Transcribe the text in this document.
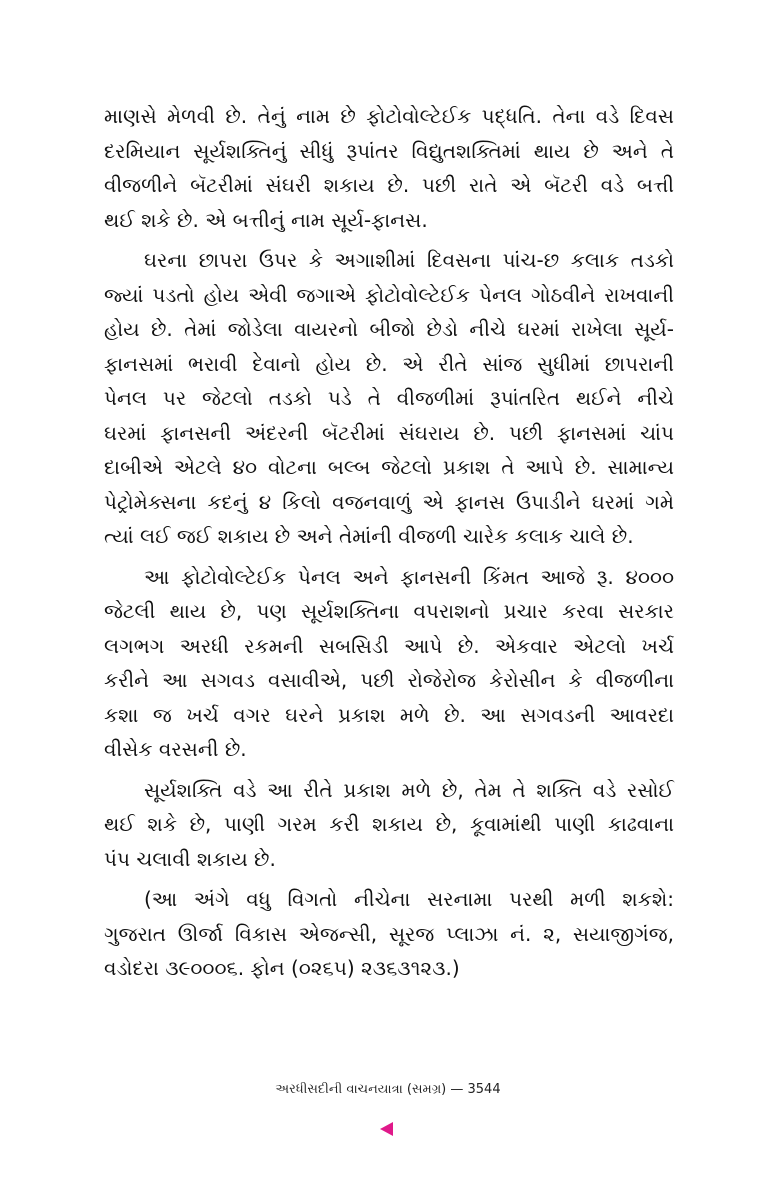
માણસે મેળવી છે. તેનું નામ છે ફોટોવોલ્ટેઈક પદ્ધતિ. તેના વડે દિવસ
દરમિયાન સૂર્યશક્તિનું સીધું રૂપાંતર વિદ્યુતશક્તિમાં થાય છે અને તે
વીજળીને બૅટરીમાં સંઘરી શકાય છે. પછી રાતે એ બૅટરી વડે બત્તી
થઈ શકે છે. એ બત્તીનું નામ સૂર્ય-ફાનસ.
ઘરના છાપરા ઉપર કે અગાશીમાં દિવસના પાંચ-છ કલાક તડકો
જ્યાં પડતો હોય એવી જગાએ ફોટોવોલ્ટેઈક પેનલ ગોઠવીને રાખવાની
હોય છે. તેમાં જોડેલા વાયરનો બીજો છેડો નીચે ઘરમાં રાખેલા સૂર્ય-
ફાનસમાં ભરાવી દેવાનો હોય છે. એ રીતે સાંજ સુધીમાં છાપરાની
પેનલ પર જેટલો તડકો પડે તે વીજળીમાં રૂપાંતરિત થઈને નીચે
ઘરમાં ફાનસની અંદરની બૅટરીમાં સંઘરાય છે. પછી ફાનસમાં ચાંપ
દાબીએ એટલે ૪૦ વોટના બલ્બ જેટલો પ્રકાશ તે આપે છે. સામાન્ય
પેટ્રોમેક્સના કદનું ૪ કિલો વજનવાળું એ ફાનસ ઉપાડીને ઘરમાં ગમે
ત્યાં લઈ જઈ શકાય છે અને તેમાંની વીજળી ચારેક કલાક ચાલે છે.
આ ફોટોવોલ્ટેઈક પેનલ અને ફાનસની કિંમત આજે રૂ. ૪૦૦૦
જેટલી થાય છે, પણ સૂર્યશક્તિના વપરાશનો પ્રચાર કરવા સરકાર
લગભગ અરધી રકમની સબસિડી આપે છે. એકવાર એટલો ખર્ચ
કરીને આ સગવડ વસાવીએ, પછી રોજેરોજ કેરોસીન કે વીજળીના
કશા જ ખર્ચ વગર ઘરને પ્રકાશ મળે છે. આ સગવડની આવરદા
વીસેક વરસની છે.
સૂર્યશક્તિ વડે આ રીતે પ્રકાશ મળે છે, તેમ તે શક્તિ વડે રસોઈ
થઈ શકે છે, પાણી ગરમ કરી શકાય છે, કૂવામાંથી પાણી કાઢવાના
પંપ ચલાવી શકાય છે.
(આ અંગે વધુ વિગતો નીચેના સરનામા પરથી મળી શકશે:
ગુજરાત ઊર્જા વિકાસ એજન્સી, સૂરજ પ્લાઝા નં. ૨, સયાજીગંજ,
વડોદરા ૩૯૦૦૦૬. ફોન (૦૨૬૫) ૨૩૬૩૧૨૩.)
અરધીસદીની વાચનયાત્રા (સમગ્ર) — 3544
